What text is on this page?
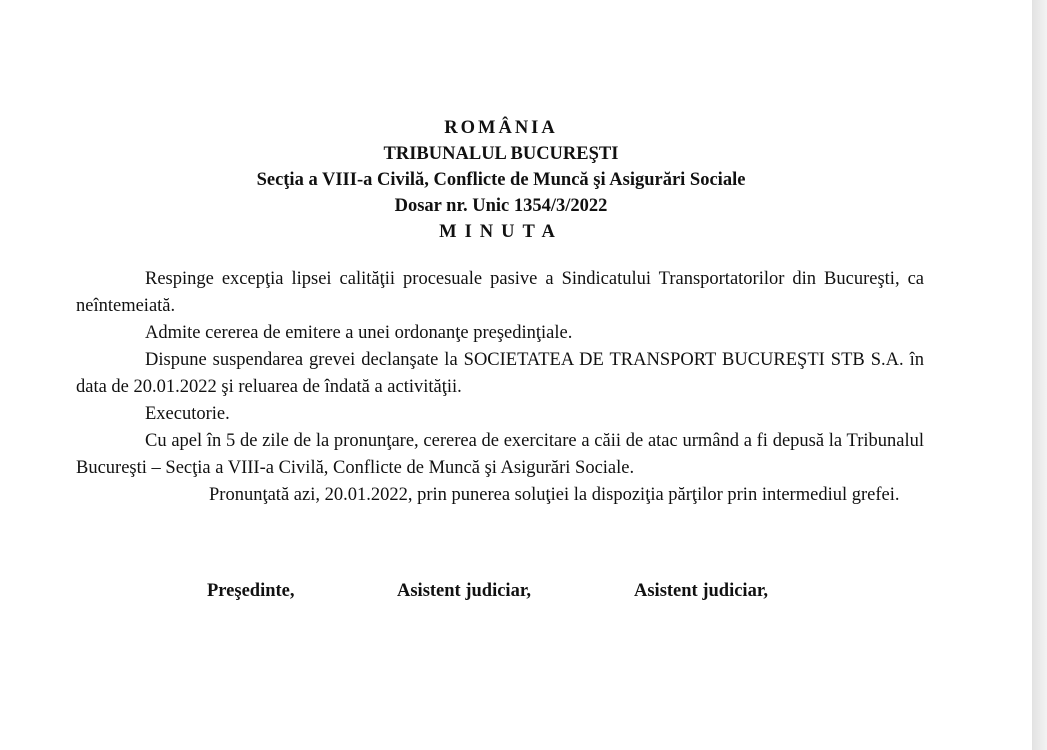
ROMÂNIA
TRIBUNALUL BUCUREŞTI
Secţia a VIII-a Civilă, Conflicte de Muncă şi Asigurări Sociale
Dosar nr. Unic 1354/3/2022
MINUTA

Respinge excepţia lipsei calităţii procesuale pasive a Sindicatului Transportatorilor din Bucureşti, ca neîntemeiată.

Admite cererea de emitere a unei ordonanţe preşedinţiale.

Dispune suspendarea grevei declanşate la SOCIETATEA DE TRANSPORT BUCUREŞTI STB S.A. în data de 20.01.2022 şi reluarea de îndată a activităţii.

Executorie.

Cu apel în 5 de zile de la pronunţare, cererea de exercitare a căii de atac urmând a fi depusă la Tribunalul Bucureşti – Secţia a VIII-a Civilă, Conflicte de Muncă şi Asigurări Sociale.

Pronunţată azi, 20.01.2022, prin punerea soluţiei la dispoziţia părţilor prin intermediul grefei.

Preşedinte,	Asistent judiciar,	Asistent judiciar,
